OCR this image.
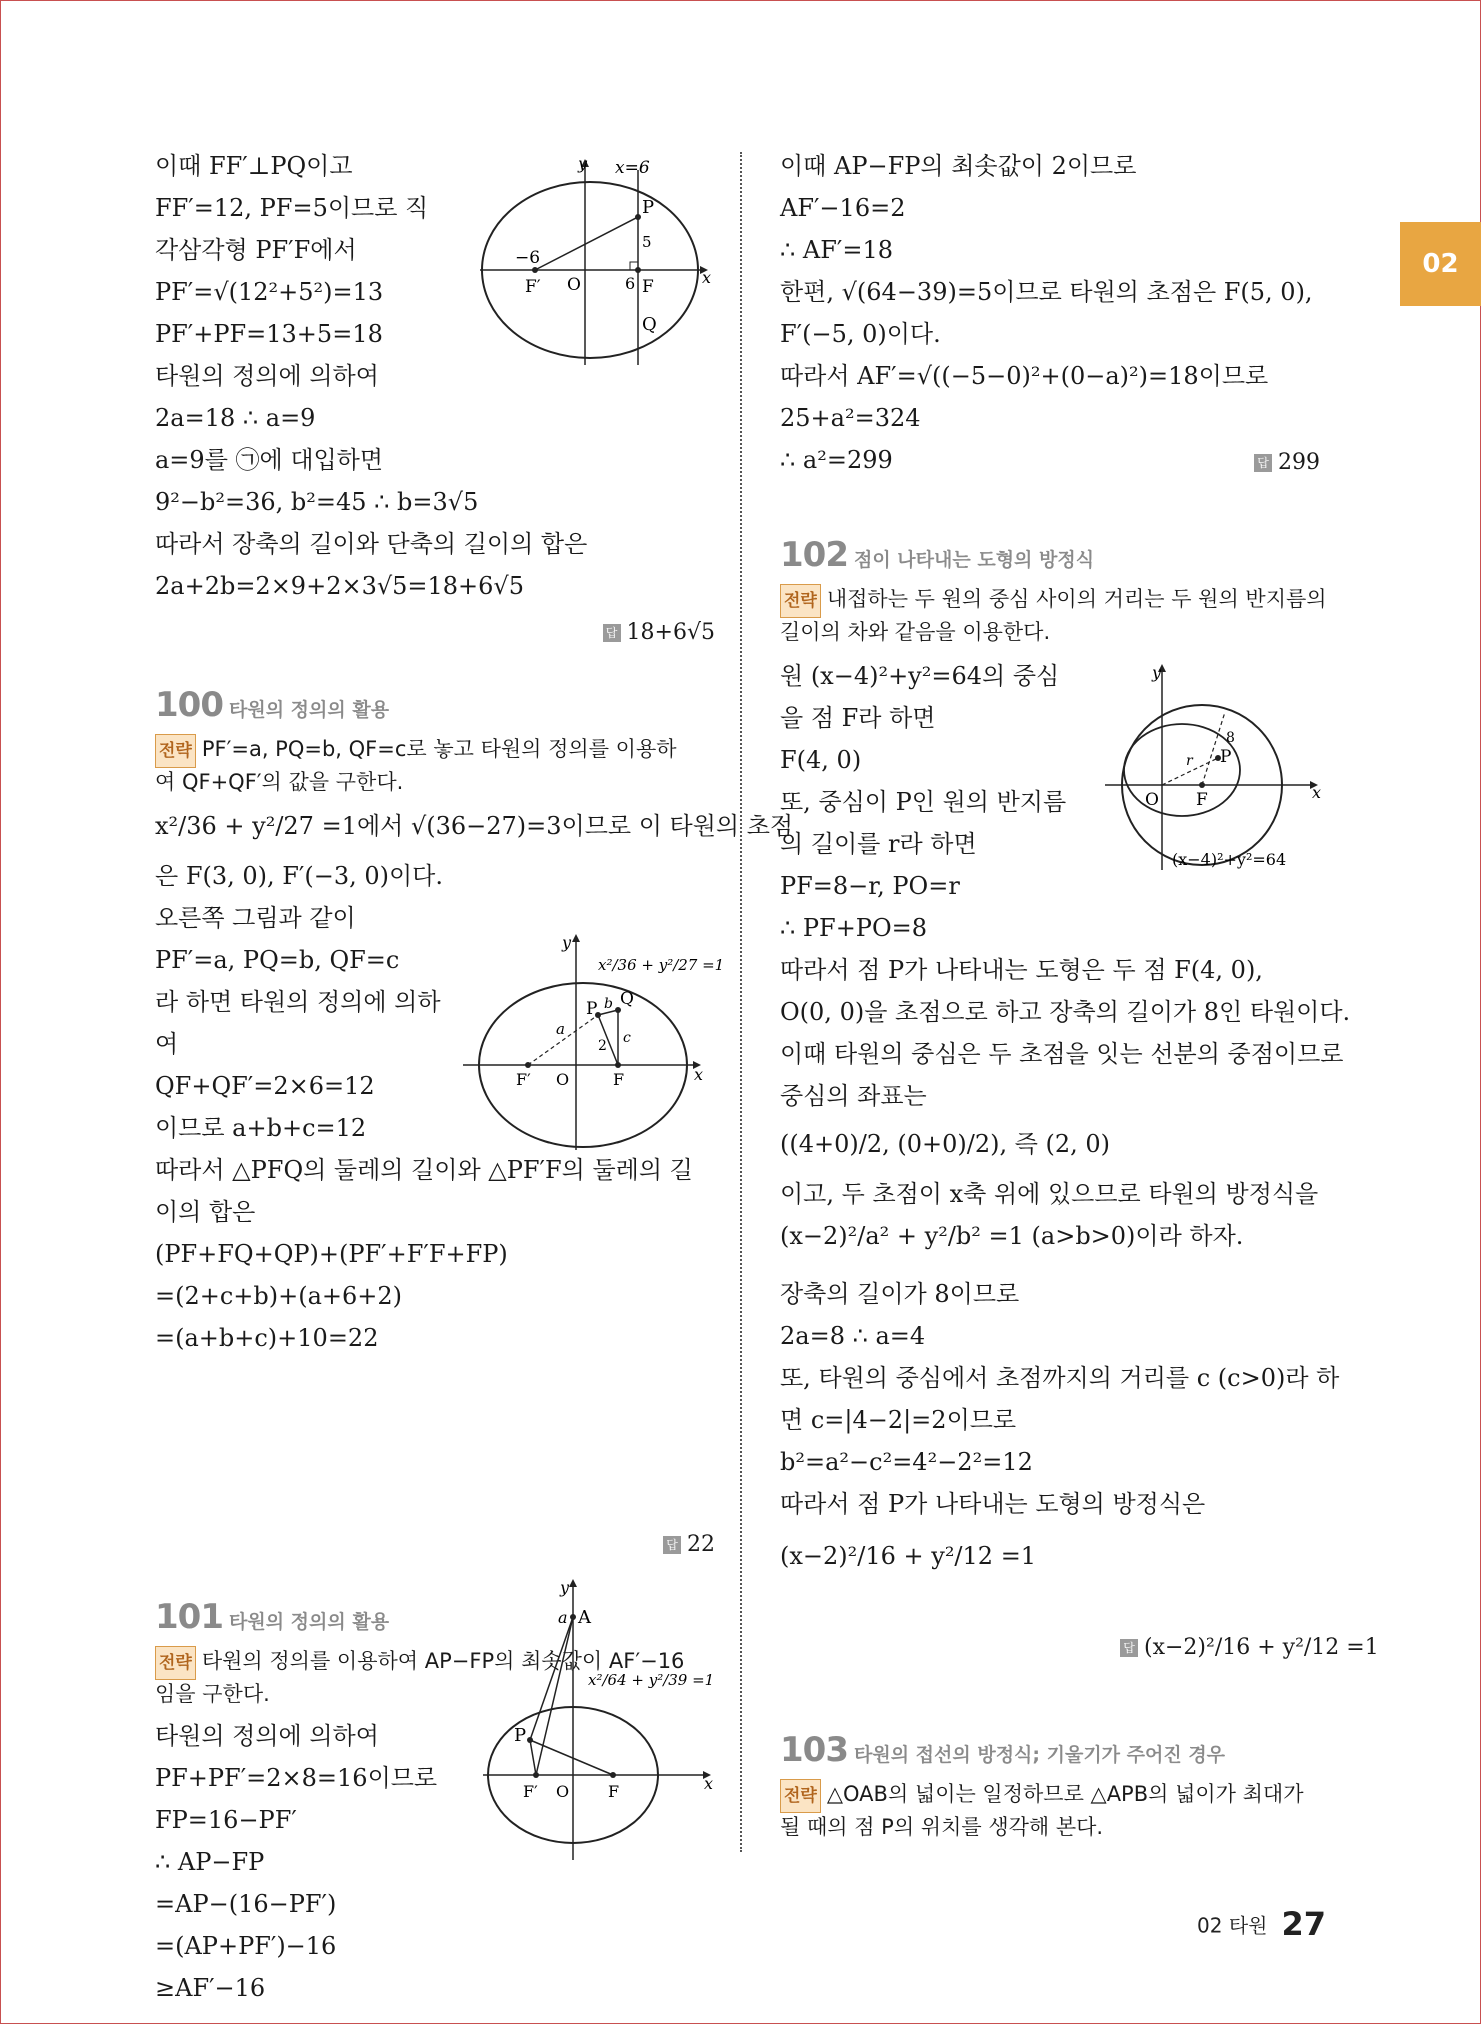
02
이때 FF′⊥PQ이고
FF′=12, PF=5이므로 직
각삼각형 PF′F에서
PF′=√(12²+5²)=13
PF′+PF=13+5=18
타원의 정의에 의하여
2a=18 ∴ a=9
a=9를 ㉠에 대입하면
9²−b²=36, b²=45 ∴ b=3√5
따라서 장축의 길이와 단축의 길이의 합은
2a+2b=2×9+2×3√5=18+6√5
답 18+6√5
100 타원의 정의의 활용
전략 PF′=a, PQ=b, QF=c로 놓고 타원의 정의를 이용하
여 QF+QF′의 값을 구한다.
x²/36 + y²/27 =1에서 √(36−27)=3이므로 이 타원의 초점
은 F(3, 0), F′(−3, 0)이다.
오른쪽 그림과 같이
PF′=a, PQ=b, QF=c
라 하면 타원의 정의에 의하
여
QF+QF′=2×6=12
이므로 a+b+c=12
따라서 △PFQ의 둘레의 길이와 △PF′F의 둘레의 길
이의 합은
(PF+FQ+QP)+(PF′+F′F+FP)
=(2+c+b)+(a+6+2)
=(a+b+c)+10=22
답 22
101 타원의 정의의 활용
전략 타원의 정의를 이용하여 AP−FP의 최솟값이 AF′−16
임을 구한다.
타원의 정의에 의하여
PF+PF′=2×8=16이므로
FP=16−PF′
∴ AP−FP
=AP−(16−PF′)
=(AP+PF′)−16
≥AF′−16
y
x
x=6
P
Q
F′	F
O
−6
6
5
y
x
x²/36 + y²/27 =1
P Q
F′	F
O
a
b
c
2
y
x
x²/64 + y²/39 =1
A
a
P
F′	F
O
이때 AP−FP의 최솟값이 2이므로
AF′−16=2
∴ AF′=18
한편, √(64−39)=5이므로 타원의 초점은 F(5, 0),
F′(−5, 0)이다.
따라서 AF′=√((−5−0)²+(0−a)²)=18이므로
25+a²=324
∴ a²=299	답 299
102 점이 나타내는 도형의 방정식
전략 내접하는 두 원의 중심 사이의 거리는 두 원의 반지름의
길이의 차와 같음을 이용한다.
원 (x−4)²+y²=64의 중심
을 점 F라 하면
F(4, 0)
또, 중심이 P인 원의 반지름
의 길이를 r라 하면
PF=8−r, PO=r
∴ PF+PO=8
따라서 점 P가 나타내는 도형은 두 점 F(4, 0),
O(0, 0)을 초점으로 하고 장축의 길이가 8인 타원이다.
이때 타원의 중심은 두 초점을 잇는 선분의 중점이므로
중심의 좌표는
((4+0)/2, (0+0)/2), 즉 (2, 0)
이고, 두 초점이 x축 위에 있으므로 타원의 방정식을
(x−2)²/a² + y²/b² =1 (a>b>0)이라 하자.
장축의 길이가 8이므로
2a=8 ∴ a=4
또, 타원의 중심에서 초점까지의 거리를 c (c>0)라 하
면 c=|4−2|=2이므로
b²=a²−c²=4²−2²=12
따라서 점 P가 나타내는 도형의 방정식은
(x−2)²/16 + y²/12 =1
답 (x−2)²/16 + y²/12 =1
103 타원의 접선의 방정식; 기울기가 주어진 경우
전략 △OAB의 넓이는 일정하므로 △APB의 넓이가 최대가
될 때의 점 P의 위치를 생각해 본다.
y
x
P
F
O
r
8
(x−4)²+y²=64
02 타원 27
